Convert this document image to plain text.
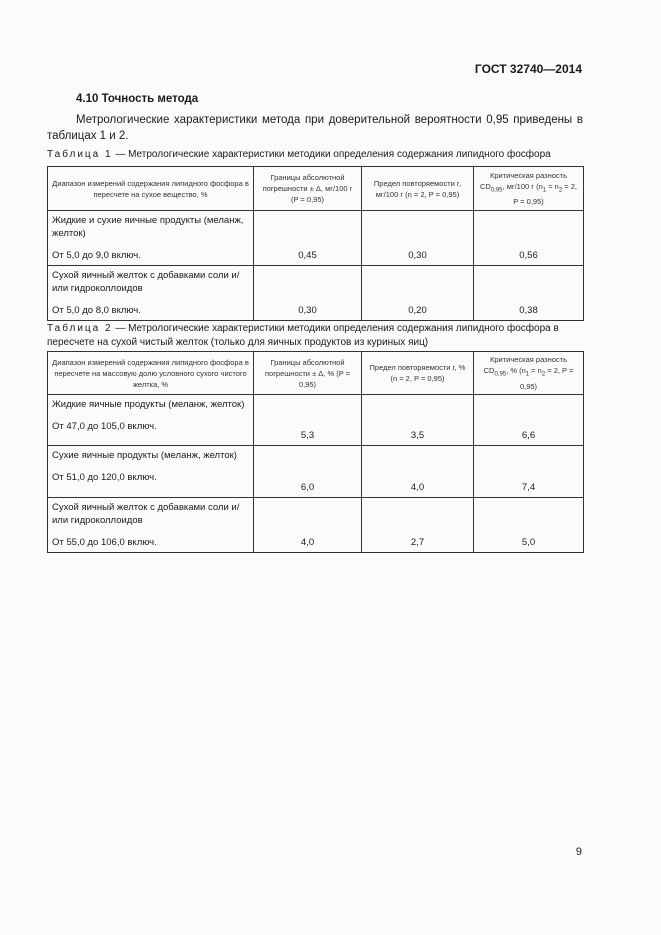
ГОСТ 32740—2014
4.10 Точность метода
Метрологические характеристики метода при доверительной вероятности 0,95 приведены в таблицах 1 и 2.
Таблица 1 — Метрологические характеристики методики определения содержания липидного фосфора
Диапазон измерений содержания липидного фосфора в пересчете на сухое вещество, %	Границы абсолютной погрешности ± Δ, мг/100 г (P = 0,95)	Предел повторяемости r, мг/100 г (n = 2, P = 0,95)	Критическая разность $CD_{0,95}$, мг/100 г ($n_1 = n_2 = 2$, P = 0,95)
Жидкие и сухие яичные продукты (меланж, желток)
От 5,0 до 9,0 включ.	0,45	0,30	0,56
Сухой яичный желток с добавками соли и/или гидроколлоидов
От 5,0 до 8,0 включ.	0,30	0,20	0,38
Таблица 2 — Метрологические характеристики методики определения содержания липидного фосфора в пересчете на сухой чистый желток (только для яичных продуктов из куриных яиц)
Диапазон измерений содержания липидного фосфора в пересчете на массовую долю условного сухого чистого желтка, %	Границы абсолютной погрешности ± Δ, % (P = 0,95)	Предел повторяемости r, % (n = 2, P = 0,95)	Критическая разность $CD_{0,95}$, % ($n_1 = n_2 = 2$, P = 0,95)
Жидкие яичные продукты (меланж, желток)
От 47,0 до 105,0 включ.	5,3	3,5	6,6
Сухие яичные продукты (меланж, желток)
От 51,0 до 120,0 включ.	6,0	4,0	7,4
Сухой яичный желток с добавками соли и/или гидроколлоидов
От 55,0 до 106,0 включ.	4,0	2,7	5,0
9
